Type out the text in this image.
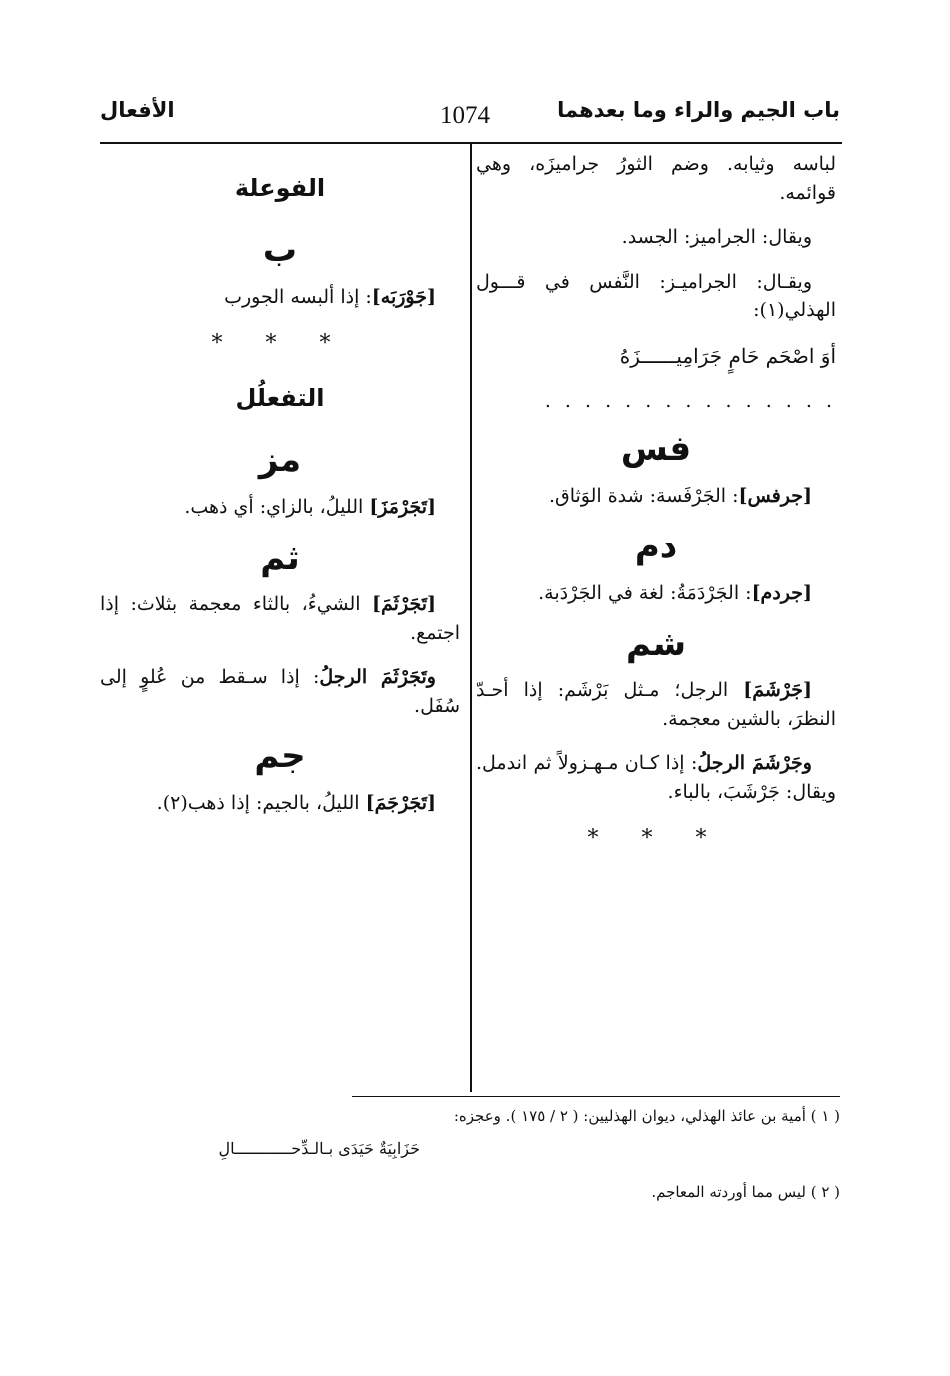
باب الجيم والراء وما بعدهما
1074
الأفعال

لباسه وثيابه. وضم الثورُ جراميزَه، وهي قوائمه.

ويقال: الجراميز: الجسد.

ويقـال: الجراميـز: النَّفس في قـــول الهذلي(١):

أوَ اصْحَم حَامٍ جَرَامِيــــــزَهُ

. . . . . . . . . . . . . . .
فس

[جرفس]: الجَرْفَسة: شدة الوَثاق.

دم

[جردم]: الجَرْدَمَةُ: لغة في الجَرْدَبة.

شم

[جَرْشَمَ] الرجل؛ مـثل بَرْشَم: إذا أحـدّ النظرَ، بالشين معجمة.

وجَرْشَمَ الرجلُ: إذا كـان مـهـزولاً ثم اندمل. ويقال: جَرْشَبَ، بالباء.

* * *
الفوعلة
ب

[جَوْرَبَه]: إذا ألبسه الجورب

* * *
التفعلُل
مز

[تَجَرْمَزَ] الليلُ، بالزاي: أي ذهب.

ثم

[تَجَرْثَمَ] الشيءُ، بالثاء معجمة بثلاث: إذا اجتمع.

وتَجَرْثَمَ الرجلُ: إذا سـقط من عُلوٍ إلى سُفَل.

جم

[تَجَرْجَمَ] الليلُ، بالجيم: إذا ذهب(٢).

( ١ ) أمية بن عائذ الهذلي، ديوان الهذليين: ( ٢ / ١٧٥ ). وعجزه:

حَزَابِيَةٌ حَيَدَى بـالـدِّحــــــــــــالِ

( ٢ ) ليس مما أوردته المعاجم.
